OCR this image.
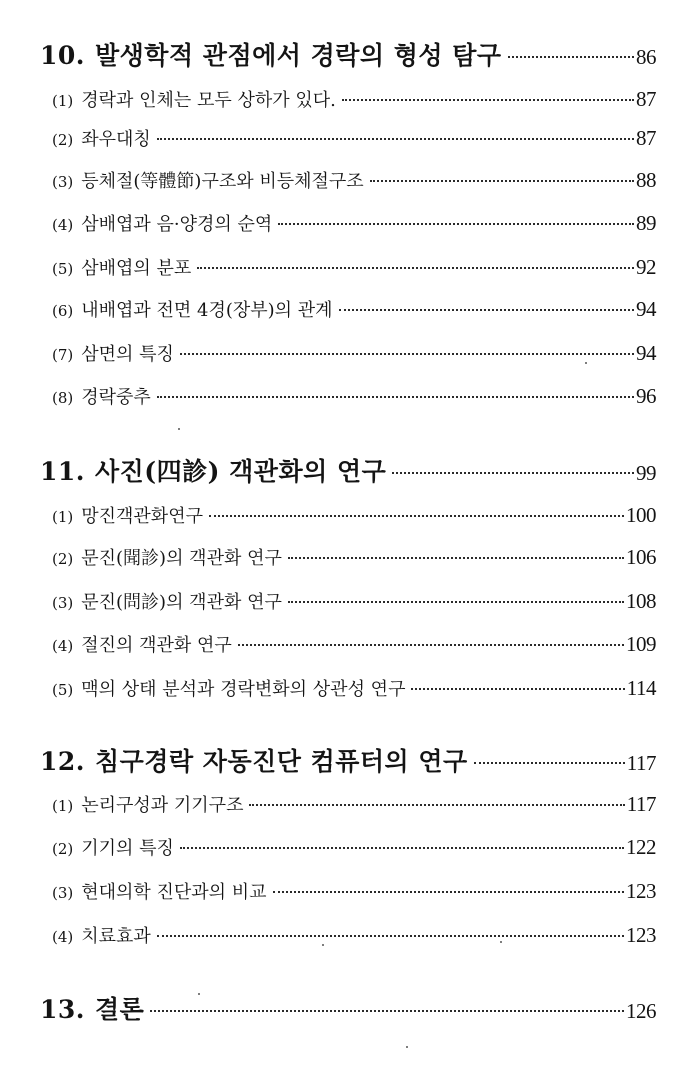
10. 발생학적 관점에서 경락의 형성 탐구	86
(1) 경락과 인체는 모두 상하가 있다.	87
(2) 좌우대칭	87
(3) 등체절(等體節)구조와 비등체절구조	88
(4) 삼배엽과 음·양경의 순역	89
(5) 삼배엽의 분포	92
(6) 내배엽과 전면 4경(장부)의 관계	94
(7) 삼면의 특징	94
(8) 경락중추	96
11. 사진(四診) 객관화의 연구	99
(1) 망진객관화연구	100
(2) 문진(聞診)의 객관화 연구	106
(3) 문진(問診)의 객관화 연구	108
(4) 절진의 객관화 연구	109
(5) 맥의 상태 분석과 경락변화의 상관성 연구	114
12. 침구경락 자동진단 컴퓨터의 연구	117
(1) 논리구성과 기기구조	117
(2) 기기의 특징	122
(3) 현대의학 진단과의 비교	123
(4) 치료효과	123
13. 결론	126
